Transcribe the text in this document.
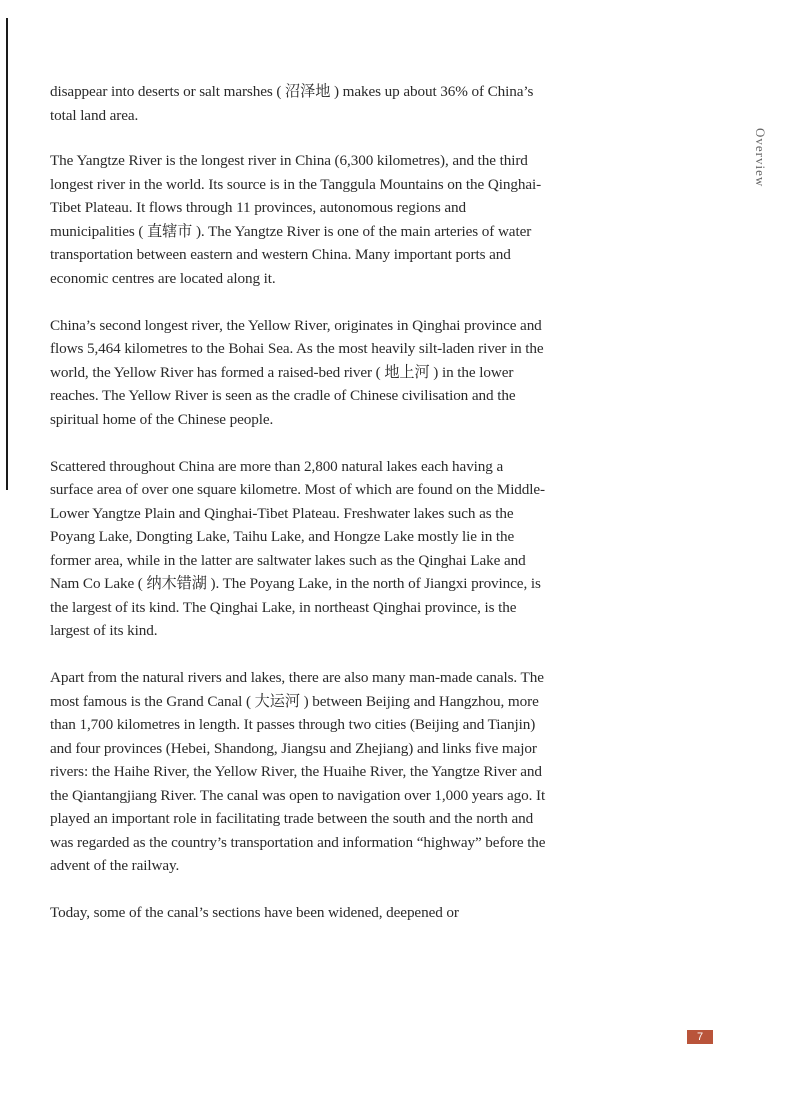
Overview

disappear into deserts or salt marshes ( 沼泽地 ) makes up about 36% of China’s total land area.

The Yangtze River is the longest river in China (6,300 kilometres), and the third longest river in the world. Its source is in the Tanggula Mountains on the Qinghai-Tibet Plateau. It flows through 11 provinces, autonomous regions and municipalities ( 直辖市 ). The Yangtze River is one of the main arteries of water transportation between eastern and western China. Many important ports and economic centres are located along it.

China’s second longest river, the Yellow River, originates in Qinghai province and flows 5,464 kilometres to the Bohai Sea. As the most heavily silt-laden river in the world, the Yellow River has formed a raised-bed river ( 地上河 ) in the lower reaches. The Yellow River is seen as the cradle of Chinese civilisation and the spiritual home of the Chinese people.

Scattered throughout China are more than 2,800 natural lakes each having a surface area of over one square kilometre. Most of which are found on the Middle-Lower Yangtze Plain and Qinghai-Tibet Plateau. Freshwater lakes such as the Poyang Lake, Dongting Lake, Taihu Lake, and Hongze Lake mostly lie in the former area, while in the latter are saltwater lakes such as the Qinghai Lake and Nam Co Lake ( 纳木错湖 ). The Poyang Lake, in the north of Jiangxi province, is the largest of its kind. The Qinghai Lake, in northeast Qinghai province, is the largest of its kind.

Apart from the natural rivers and lakes, there are also many man-made canals. The most famous is the Grand Canal ( 大运河 ) between Beijing and Hangzhou, more than 1,700 kilometres in length. It passes through two cities (Beijing and Tianjin) and four provinces (Hebei, Shandong, Jiangsu and Zhejiang) and links five major rivers: the Haihe River, the Yellow River, the Huaihe River, the Yangtze River and the Qiantangjiang River. The canal was open to navigation over 1,000 years ago. It played an important role in facilitating trade between the south and the north and was regarded as the country’s transportation and information “highway” before the advent of the railway.

Today, some of the canal’s sections have been widened, deepened or

7
